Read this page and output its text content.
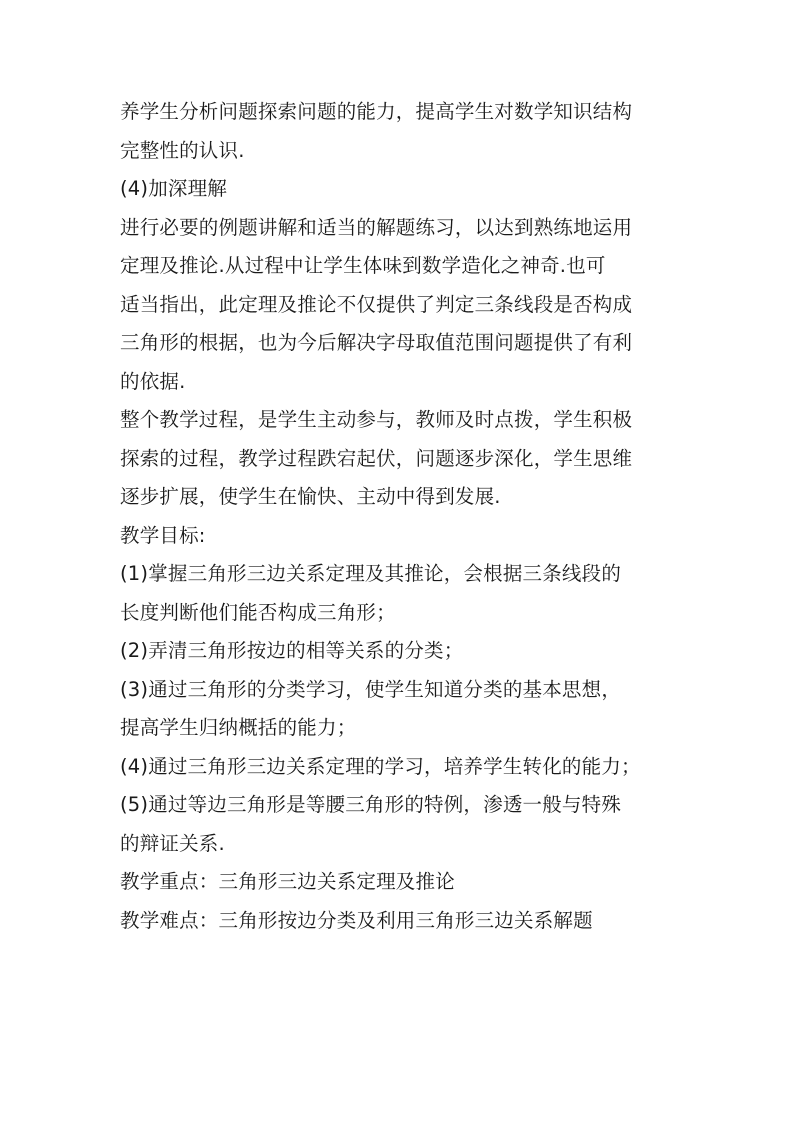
养学生分析问题探索问题的能力，提高学生对数学知识结构
完整性的认识.
(4)加深理解
进行必要的例题讲解和适当的解题练习，以达到熟练地运用
定理及推论.从过程中让学生体味到数学造化之神奇.也可
适当指出，此定理及推论不仅提供了判定三条线段是否构成
三角形的根据，也为今后解决字母取值范围问题提供了有利
的依据.
整个教学过程，是学生主动参与，教师及时点拨，学生积极
探索的过程，教学过程跌宕起伏，问题逐步深化，学生思维
逐步扩展，使学生在愉快、主动中得到发展.
教学目标:
(1)掌握三角形三边关系定理及其推论，会根据三条线段的
长度判断他们能否构成三角形；
(2)弄清三角形按边的相等关系的分类；
(3)通过三角形的分类学习，使学生知道分类的基本思想，
提高学生归纳概括的能力；
(4)通过三角形三边关系定理的学习，培养学生转化的能力；
(5)通过等边三角形是等腰三角形的特例，渗透一般与特殊
的辩证关系.
教学重点：三角形三边关系定理及推论
教学难点：三角形按边分类及利用三角形三边关系解题
